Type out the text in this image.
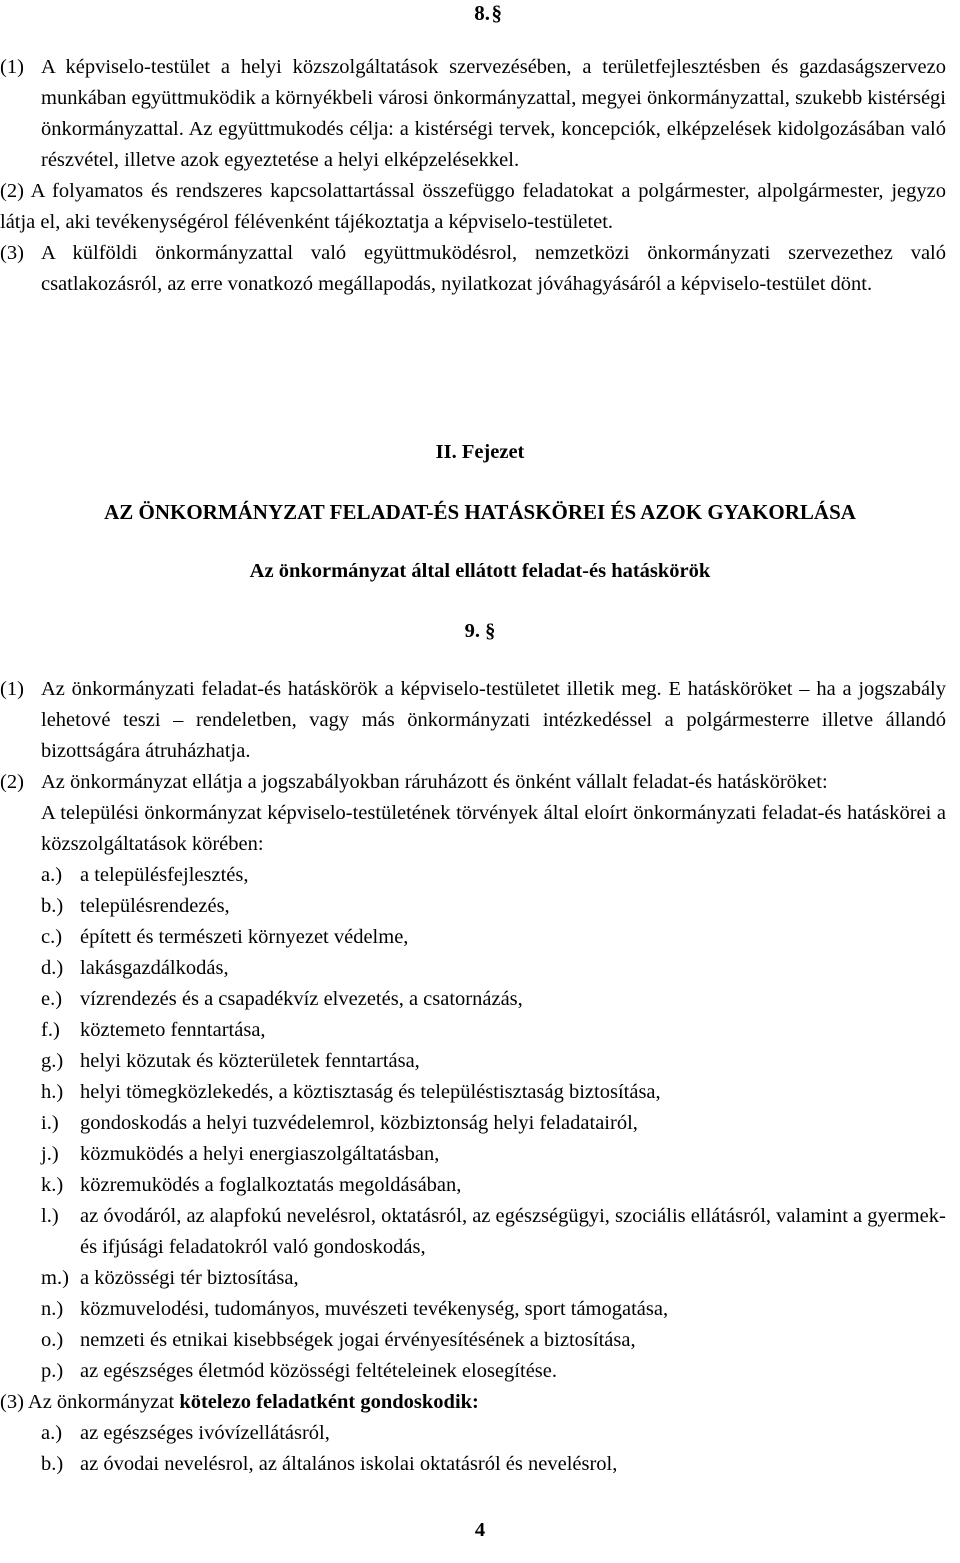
8. §

(1) A képviselo-testület a helyi közszolgáltatások szervezésében, a területfejlesztésben és gazdaságszervezo munkában együttmuködik a környékbeli városi önkormányzattal, megyei önkormányzattal, szukebb kistérségi önkormányzattal. Az együttmukodés célja: a kistérségi tervek, koncepciók, elképzelések kidolgozásában való részvétel, illetve azok egyeztetése a helyi elképzelésekkel.

(2) A folyamatos és rendszeres kapcsolattartással összefüggo feladatokat a polgármester, alpolgármester, jegyzo látja el, aki tevékenységérol félévenként tájékoztatja a képviselo-testületet.

(3) A külföldi önkormányzattal való együttmuködésrol, nemzetközi önkormányzati szervezethez való csatlakozásról, az erre vonatkozó megállapodás, nyilatkozat jóváhagyásáról a képviselo-testület dönt.

II. Fejezet
AZ ÖNKORMÁNYZAT FELADAT-ÉS HATÁSKÖREI ÉS AZOK GYAKORLÁSA
Az önkormányzat által ellátott feladat-és hatáskörök
9. §

(1) Az önkormányzati feladat-és hatáskörök a képviselo-testületet illetik meg. E hatásköröket – ha a jogszabály lehetové teszi – rendeletben, vagy más önkormányzati intézkedéssel a polgármesterre illetve állandó bizottságára átruházhatja.

(2) Az önkormányzat ellátja a jogszabályokban ráruházott és önként vállalt feladat-és hatásköröket:

A települési önkormányzat képviselo-testületének törvények által eloírt önkormányzati feladat-és hatáskörei a közszolgáltatások körében:

a.) a településfejlesztés,
b.) településrendezés,
c.) épített és természeti környezet védelme,
d.) lakásgazdálkodás,
e.) vízrendezés és a csapadékvíz elvezetés, a csatornázás,
f.) köztemeto fenntartása,
g.) helyi közutak és közterületek fenntartása,
h.) helyi tömegközlekedés, a köztisztaság és településtisztaság biztosítása,
i.) gondoskodás a helyi tuzvédelemrol, közbiztonság helyi feladatairól,
j.) közmuködés a helyi energiaszolgáltatásban,
k.) közremuködés a foglalkoztatás megoldásában,
l.) az óvodáról, az alapfokú nevelésrol, oktatásról, az egészségügyi, szociális ellátásról, valamint a gyermek-és ifjúsági feladatokról való gondoskodás,
m.) a közösségi tér biztosítása,
n.) közmuvelodési, tudományos, muvészeti tevékenység, sport támogatása,
o.) nemzeti és etnikai kisebbségek jogai érvényesítésének a biztosítása,
p.) az egészséges életmód közösségi feltételeinek elosegítése.

(3) Az önkormányzat kötelezo feladatként gondoskodik:

a.) az egészséges ivóvízellátásról,
b.) az óvodai nevelésrol, az általános iskolai oktatásról és nevelésrol,
4
